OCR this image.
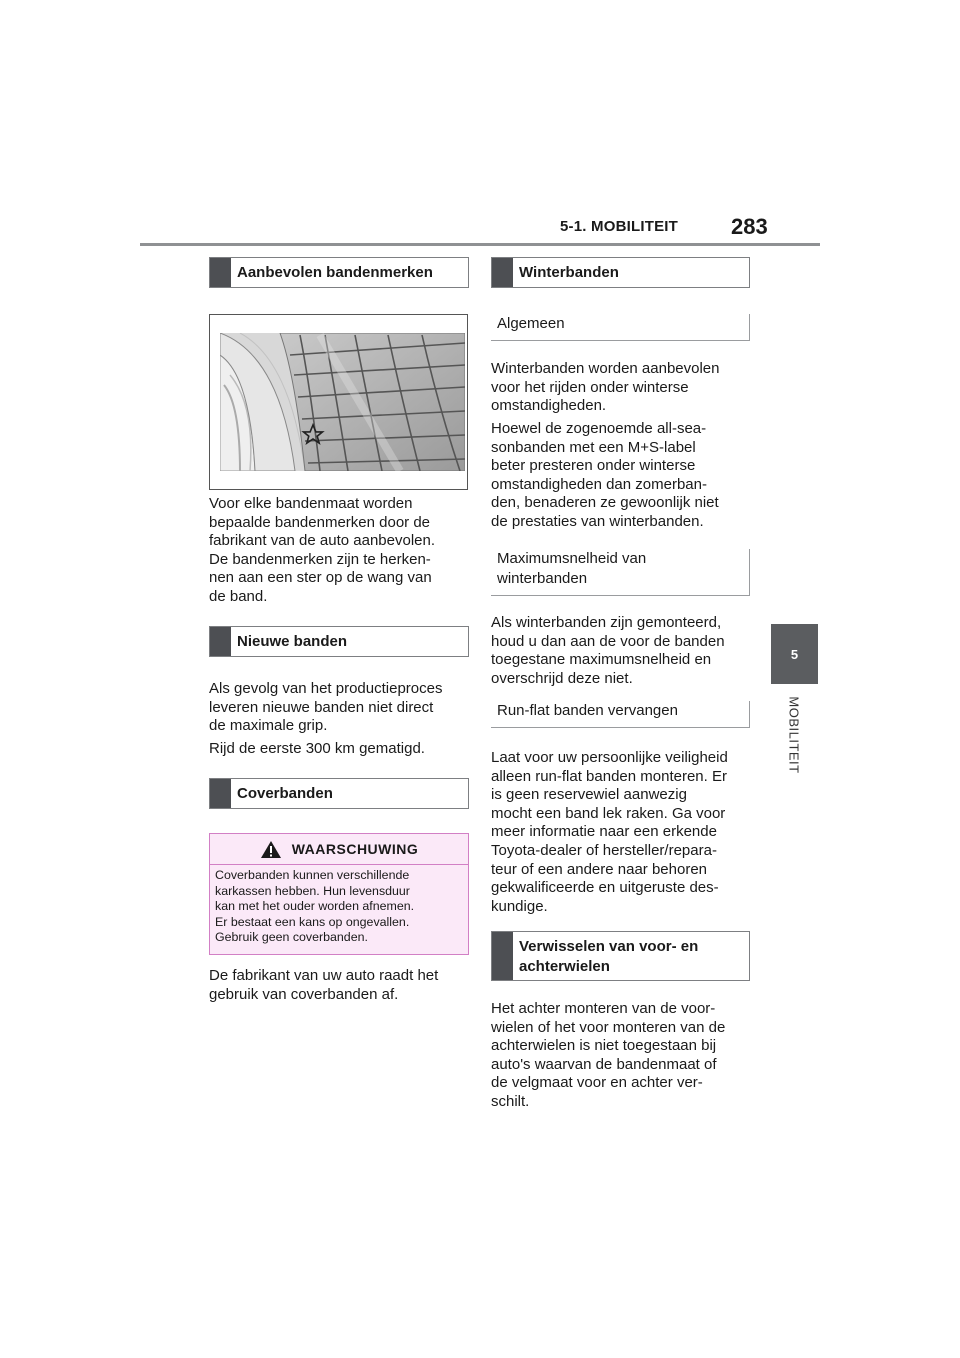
5-1. MOBILITEIT 283
5
MOBILITEIT
Aanbevolen bandenmerken

Voor elke bandenmaat worden

bepaalde bandenmerken door de

fabrikant van de auto aanbevolen.

De bandenmerken zijn te herken-

nen aan een ster op de wang van

de band.

Nieuwe banden

Als gevolg van het productieproces

leveren nieuwe banden niet direct

de maximale grip.

Rijd de eerste 300 km gematigd.

Coverbanden
WAARSCHUWING
Coverbanden kunnen verschillende
karkassen hebben. Hun levensduur
kan met het ouder worden afnemen.
Er bestaat een kans op ongevallen.
Gebruik geen coverbanden.

De fabrikant van uw auto raadt het

gebruik van coverbanden af.

Winterbanden
Algemeen

Winterbanden worden aanbevolen

voor het rijden onder winterse

omstandigheden.

Hoewel de zogenoemde all-sea-

sonbanden met een M+S-label

beter presteren onder winterse

omstandigheden dan zomerban-

den, benaderen ze gewoonlijk niet

de prestaties van winterbanden.

Maximumsnelheid van
winterbanden

Als winterbanden zijn gemonteerd,

houd u dan aan de voor de banden

toegestane maximumsnelheid en

overschrijd deze niet.

Run-flat banden vervangen

Laat voor uw persoonlijke veiligheid

alleen run-flat banden monteren. Er

is geen reservewiel aanwezig

mocht een band lek raken. Ga voor

meer informatie naar een erkende

Toyota-dealer of hersteller/repara-

teur of een andere naar behoren

gekwalificeerde en uitgeruste des-

kundige.

Verwisselen van voor- en
achterwielen

Het achter monteren van de voor-

wielen of het voor monteren van de

achterwielen is niet toegestaan bij

auto's waarvan de bandenmaat of

de velgmaat voor en achter ver-

schilt.
